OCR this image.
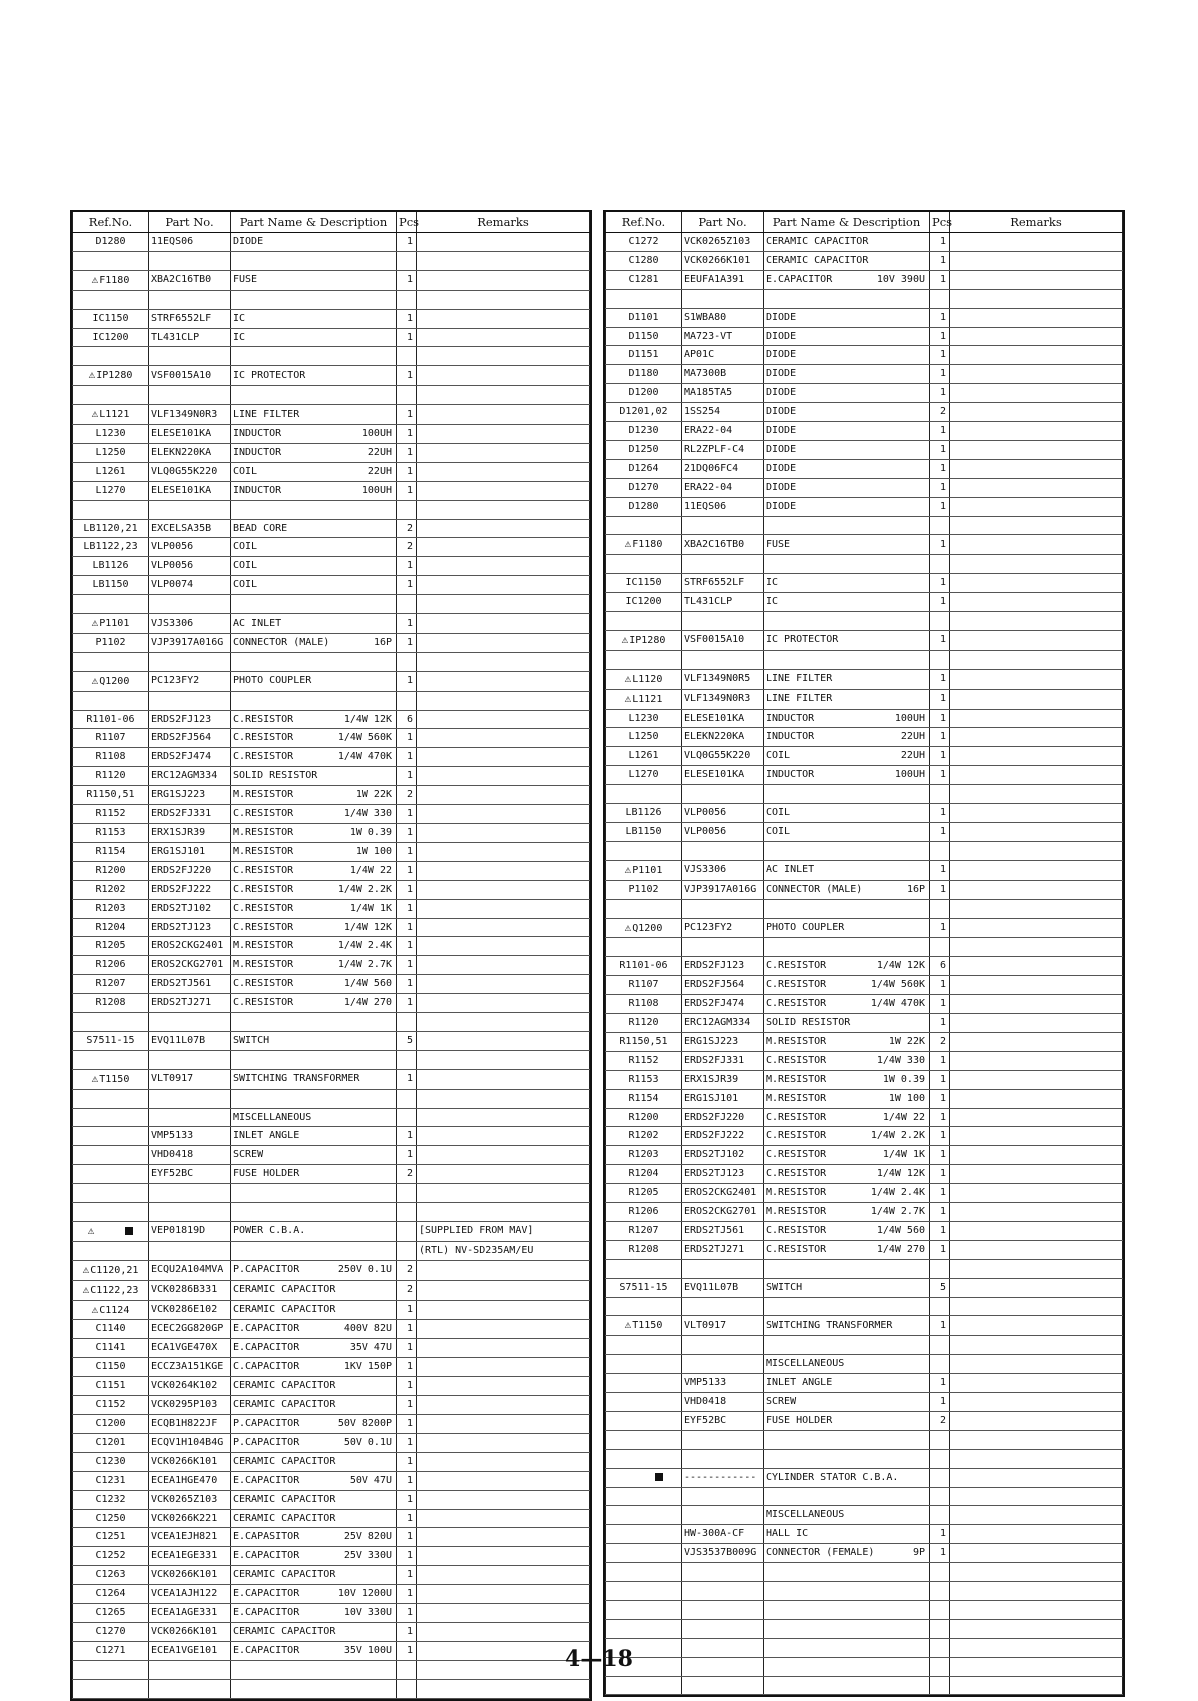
Ref.No.	Part No.	Part Name & Description	Pcs	Remarks
D1280	11EQS06	DIODE	1	

⚠F1180	XBA2C16TB0	FUSE	1	

IC1150	STRF6552LF	IC	1	
IC1200	TL431CLP	IC	1	

⚠IP1280	VSF0015A10	IC PROTECTOR	1	

⚠L1121	VLF1349N0R3	LINE FILTER	1	
L1230	ELESE101KA	INDUCTOR 100UH	1	
L1250	ELEKN220KA	INDUCTOR 22UH	1	
L1261	VLQ0G55K220	COIL 22UH	1	
L1270	ELESE101KA	INDUCTOR 100UH	1	

LB1120,21	EXCELSA35B	BEAD CORE	2	
LB1122,23	VLP0056	COIL	2	
LB1126	VLP0056	COIL	1	
LB1150	VLP0074	COIL	1	

⚠P1101	VJS3306	AC INLET	1	
P1102	VJP3917A016G	CONNECTOR (MALE) 16P	1	

⚠Q1200	PC123FY2	PHOTO COUPLER	1	

R1101-06	ERDS2FJ123	C.RESISTOR 1/4W 12K	6	
R1107	ERDS2FJ564	C.RESISTOR 1/4W 560K	1	
R1108	ERDS2FJ474	C.RESISTOR 1/4W 470K	1	
R1120	ERC12AGM334	SOLID RESISTOR	1	
R1150,51	ERG1SJ223	M.RESISTOR 1W 22K	2	
R1152	ERDS2FJ331	C.RESISTOR 1/4W 330	1	
R1153	ERX1SJR39	M.RESISTOR 1W 0.39	1	
R1154	ERG1SJ101	M.RESISTOR 1W 100	1	
R1200	ERDS2FJ220	C.RESISTOR 1/4W 22	1	
R1202	ERDS2FJ222	C.RESISTOR 1/4W 2.2K	1	
R1203	ERDS2TJ102	C.RESISTOR 1/4W 1K	1	
R1204	ERDS2TJ123	C.RESISTOR 1/4W 12K	1	
R1205	EROS2CKG2401	M.RESISTOR 1/4W 2.4K	1	
R1206	EROS2CKG2701	M.RESISTOR 1/4W 2.7K	1	
R1207	ERDS2TJ561	C.RESISTOR 1/4W 560	1	
R1208	ERDS2TJ271	C.RESISTOR 1/4W 270	1	

S7511-15	EVQ11L07B	SWITCH	5	

⚠T1150	VLT0917	SWITCHING TRANSFORMER	1	

		MISCELLANEOUS		
	VMP5133	INLET ANGLE	1	
	VHD0418	SCREW	1	
	EYF52BC	FUSE HOLDER	2	

⚠	VEP01819D	POWER C.B.A.		[SUPPLIED FROM MAV]
				(RTL) NV-SD235AM/EU
⚠C1120,21	ECQU2A104MVA	P.CAPACITOR 250V 0.1U	2	
⚠C1122,23	VCK0286B331	CERAMIC CAPACITOR	2	
⚠C1124	VCK0286E102	CERAMIC CAPACITOR	1	
C1140	ECEC2GG820GP	E.CAPACITOR 400V 82U	1	
C1141	ECA1VGE470X	E.CAPACITOR 35V 47U	1	
C1150	ECCZ3A151KGE	C.CAPACITOR 1KV 150P	1	
C1151	VCK0264K102	CERAMIC CAPACITOR	1	
C1152	VCK0295P103	CERAMIC CAPACITOR	1	
C1200	ECQB1H822JF	P.CAPACITOR 50V 8200P	1	
C1201	ECQV1H104B4G	P.CAPACITOR 50V 0.1U	1	
C1230	VCK0266K101	CERAMIC CAPACITOR	1	
C1231	ECEA1HGE470	E.CAPACITOR 50V 47U	1	
C1232	VCK0265Z103	CERAMIC CAPACITOR	1	
C1250	VCK0266K221	CERAMIC CAPACITOR	1	
C1251	VCEA1EJH821	E.CAPASITOR 25V 820U	1	
C1252	ECEA1EGE331	E.CAPACITOR 25V 330U	1	
C1263	VCK0266K101	CERAMIC CAPACITOR	1	
C1264	VCEA1AJH122	E.CAPACITOR 10V 1200U	1	
C1265	ECEA1AGE331	E.CAPACITOR 10V 330U	1	
C1270	VCK0266K101	CERAMIC CAPACITOR	1	
C1271	ECEA1VGE101	E.CAPACITOR 35V 100U	1	

Ref.No.	Part No.	Part Name & Description	Pcs	Remarks
C1272	VCK0265Z103	CERAMIC CAPACITOR	1	
C1280	VCK0266K101	CERAMIC CAPACITOR	1	
C1281	EEUFA1A391	E.CAPACITOR 10V 390U	1	

D1101	S1WBA80	DIODE	1	
D1150	MA723-VT	DIODE	1	
D1151	AP01C	DIODE	1	
D1180	MA7300B	DIODE	1	
D1200	MA185TA5	DIODE	1	
D1201,02	1SS254	DIODE	2	
D1230	ERA22-04	DIODE	1	
D1250	RL2ZPLF-C4	DIODE	1	
D1264	21DQ06FC4	DIODE	1	
D1270	ERA22-04	DIODE	1	
D1280	11EQS06	DIODE	1	

⚠F1180	XBA2C16TB0	FUSE	1	

IC1150	STRF6552LF	IC	1	
IC1200	TL431CLP	IC	1	

⚠IP1280	VSF0015A10	IC PROTECTOR	1	

⚠L1120	VLF1349N0R5	LINE FILTER	1	
⚠L1121	VLF1349N0R3	LINE FILTER	1	
L1230	ELESE101KA	INDUCTOR 100UH	1	
L1250	ELEKN220KA	INDUCTOR 22UH	1	
L1261	VLQ0G55K220	COIL 22UH	1	
L1270	ELESE101KA	INDUCTOR 100UH	1	

LB1126	VLP0056	COIL	1	
LB1150	VLP0056	COIL	1	

⚠P1101	VJS3306	AC INLET	1	
P1102	VJP3917A016G	CONNECTOR (MALE) 16P	1	

⚠Q1200	PC123FY2	PHOTO COUPLER	1	

R1101-06	ERDS2FJ123	C.RESISTOR 1/4W 12K	6	
R1107	ERDS2FJ564	C.RESISTOR 1/4W 560K	1	
R1108	ERDS2FJ474	C.RESISTOR 1/4W 470K	1	
R1120	ERC12AGM334	SOLID RESISTOR	1	
R1150,51	ERG1SJ223	M.RESISTOR 1W 22K	2	
R1152	ERDS2FJ331	C.RESISTOR 1/4W 330	1	
R1153	ERX1SJR39	M.RESISTOR 1W 0.39	1	
R1154	ERG1SJ101	M.RESISTOR 1W 100	1	
R1200	ERDS2FJ220	C.RESISTOR 1/4W 22	1	
R1202	ERDS2FJ222	C.RESISTOR 1/4W 2.2K	1	
R1203	ERDS2TJ102	C.RESISTOR 1/4W 1K	1	
R1204	ERDS2TJ123	C.RESISTOR 1/4W 12K	1	
R1205	EROS2CKG2401	M.RESISTOR 1/4W 2.4K	1	
R1206	EROS2CKG2701	M.RESISTOR 1/4W 2.7K	1	
R1207	ERDS2TJ561	C.RESISTOR 1/4W 560	1	
R1208	ERDS2TJ271	C.RESISTOR 1/4W 270	1	

S7511-15	EVQ11L07B	SWITCH	5	

⚠T1150	VLT0917	SWITCHING TRANSFORMER	1	

		MISCELLANEOUS		
	VMP5133	INLET ANGLE	1	
	VHD0418	SCREW	1	
	EYF52BC	FUSE HOLDER	2	

	------------	CYLINDER STATOR C.B.A.		

		MISCELLANEOUS		
	HW-300A-CF	HALL IC	1	
	VJS3537B009G	CONNECTOR (FEMALE) 9P	1	

4—18
